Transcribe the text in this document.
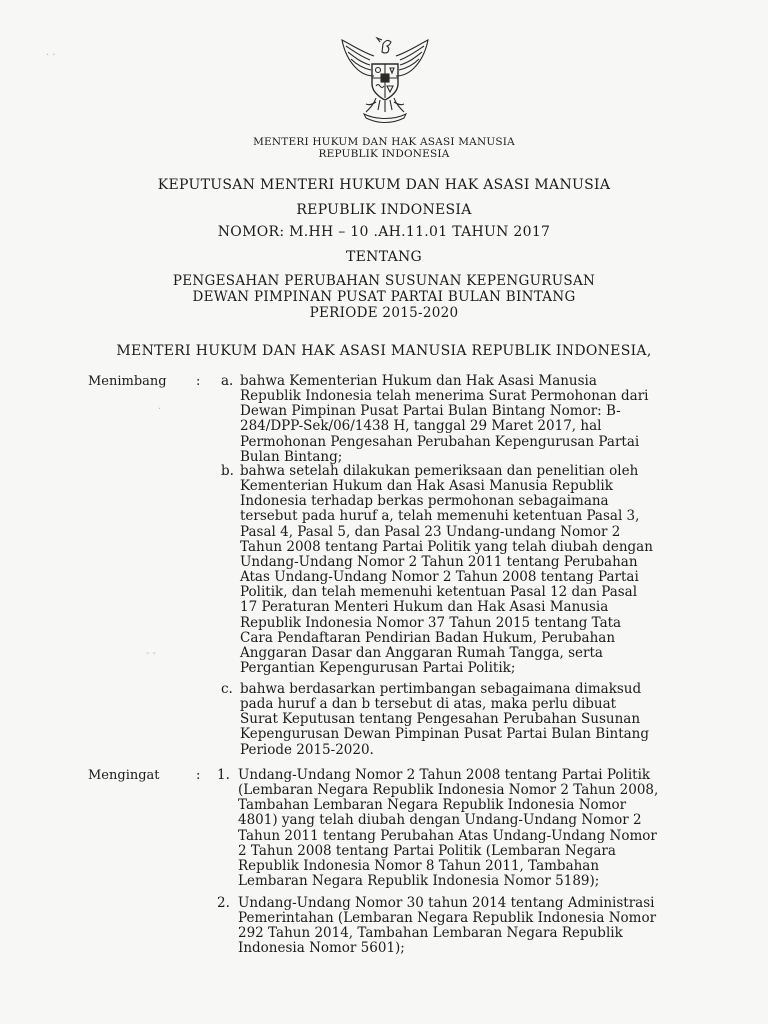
MENTERI HUKUM DAN HAK ASASI MANUSIA
REPUBLIK INDONESIA
KEPUTUSAN MENTERI HUKUM DAN HAK ASASI MANUSIA
REPUBLIK INDONESIA
NOMOR: M.HH – 10 .AH.11.01 TAHUN 2017
TENTANG
PENGESAHAN PERUBAHAN SUSUNAN KEPENGURUSAN
DEWAN PIMPINAN PUSAT PARTAI BULAN BINTANG
PERIODE 2015-2020
MENTERI HUKUM DAN HAK ASASI MANUSIA REPUBLIK INDONESIA,
Menimbang : a. bahwa Kementerian Hukum dan Hak Asasi Manusia
Republik Indonesia telah menerima Surat Permohonan dari
Dewan Pimpinan Pusat Partai Bulan Bintang Nomor: B-
284/DPP-Sek/06/1438 H, tanggal 29 Maret 2017, hal
Permohonan Pengesahan Perubahan Kepengurusan Partai
Bulan Bintang;
b. bahwa setelah dilakukan pemeriksaan dan penelitian oleh
Kementerian Hukum dan Hak Asasi Manusia Republik
Indonesia terhadap berkas permohonan sebagaimana
tersebut pada huruf a, telah memenuhi ketentuan Pasal 3,
Pasal 4, Pasal 5, dan Pasal 23 Undang-undang Nomor 2
Tahun 2008 tentang Partai Politik yang telah diubah dengan
Undang-Undang Nomor 2 Tahun 2011 tentang Perubahan
Atas Undang-Undang Nomor 2 Tahun 2008 tentang Partai
Politik, dan telah memenuhi ketentuan Pasal 12 dan Pasal
17 Peraturan Menteri Hukum dan Hak Asasi Manusia
Republik Indonesia Nomor 37 Tahun 2015 tentang Tata
Cara Pendaftaran Pendirian Badan Hukum, Perubahan
Anggaran Dasar dan Anggaran Rumah Tangga, serta
Pergantian Kepengurusan Partai Politik;
c. bahwa berdasarkan pertimbangan sebagaimana dimaksud
pada huruf a dan b tersebut di atas, maka perlu dibuat
Surat Keputusan tentang Pengesahan Perubahan Susunan
Kepengurusan Dewan Pimpinan Pusat Partai Bulan Bintang
Periode 2015-2020.
Mengingat	: 1. Undang-Undang Nomor 2 Tahun 2008 tentang Partai Politik
(Lembaran Negara Republik Indonesia Nomor 2 Tahun 2008,
Tambahan Lembaran Negara Republik Indonesia Nomor
4801) yang telah diubah dengan Undang-Undang Nomor 2
Tahun 2011 tentang Perubahan Atas Undang-Undang Nomor
2 Tahun 2008 tentang Partai Politik (Lembaran Negara
Republik Indonesia Nomor 8 Tahun 2011, Tambahan
Lembaran Negara Republik Indonesia Nomor 5189);
2. Undang-Undang Nomor 30 tahun 2014 tentang Administrasi
Pemerintahan (Lembaran Negara Republik Indonesia Nomor
292 Tahun 2014, Tambahan Lembaran Negara Republik
Indonesia Nomor 5601);
·
- -
· ·
